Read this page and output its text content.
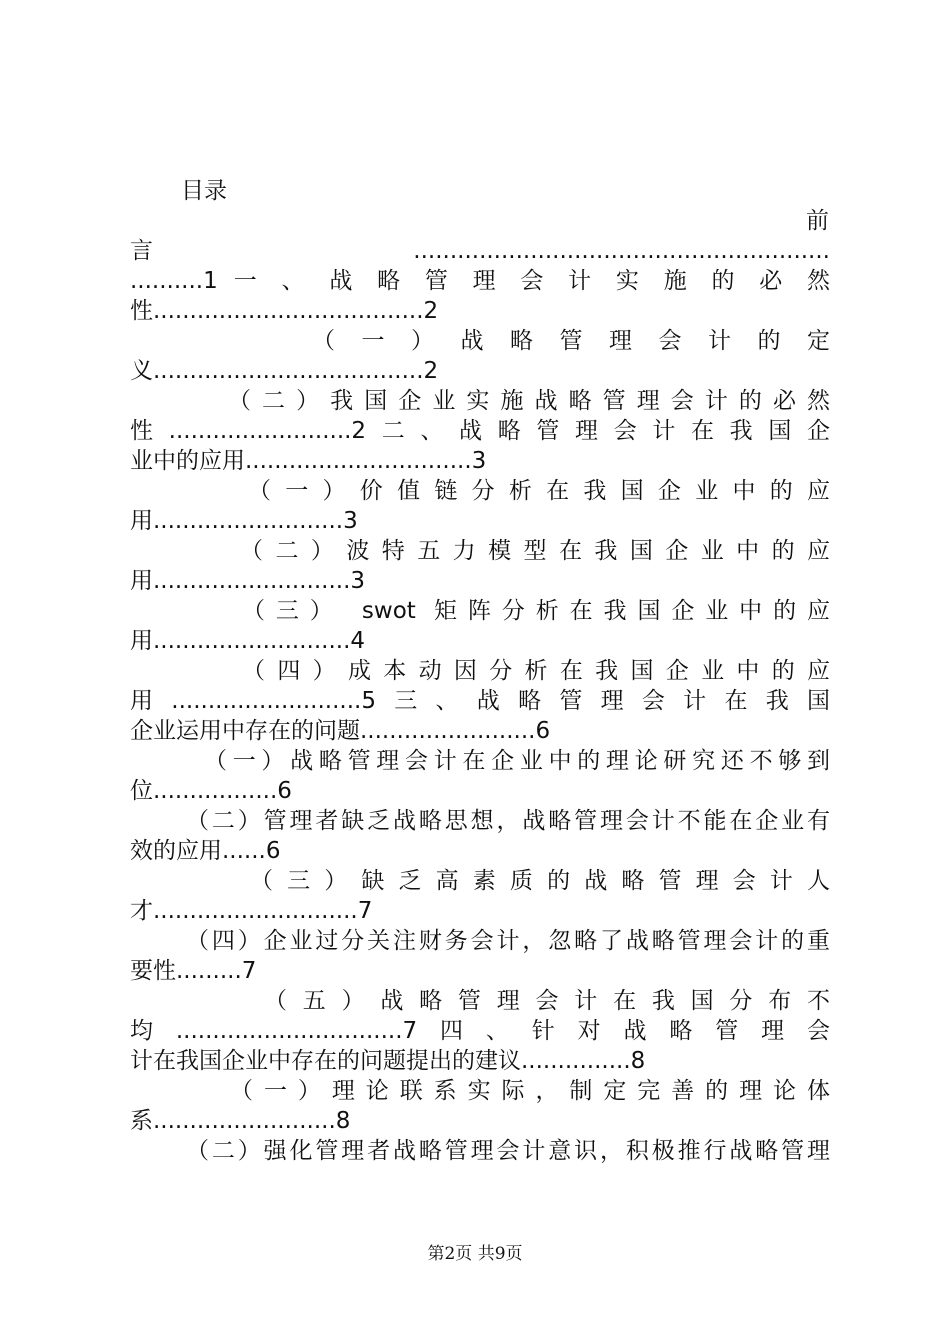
目录
前
言.........................................................
..........1 一 、 战 略 管 理 会 计 实 施 的 必 然
性.....................................2
（ 一 ） 战 略 管 理 会 计 的 定
义.....................................2
（二）我国企业实施战略管理会计的必然
性.........................2二、战略管理会计在我国企
业中的应用...............................3
（一）价值链分析在我国企业中的应
用..........................3
（二）波特五力模型在我国企业中的应
用...........................3
（三） swot 矩阵分析在我国企业中的应
用...........................4
（四）成本动因分析在我国企业中的应
用..........................5三、战略管理会计在我国
企业运用中存在的问题........................6
（一）战略管理会计在企业中的理论研究还不够到
位.................6
（二）管理者缺乏战略思想，战略管理会计不能在企业有
效的应用......6
（三）缺乏高素质的战略管理会计人
才............................7
（四）企业过分关注财务会计，忽略了战略管理会计的重
要性.........7
（五）战略管理会计在我国分布不
均...............................7四、针对战略管理会
计在我国企业中存在的问题提出的建议...............8
（一）理论联系实际，制定完善的理论体
系.........................8
（二）强化管理者战略管理会计意识，积极推行战略管理
第2页 共9页
